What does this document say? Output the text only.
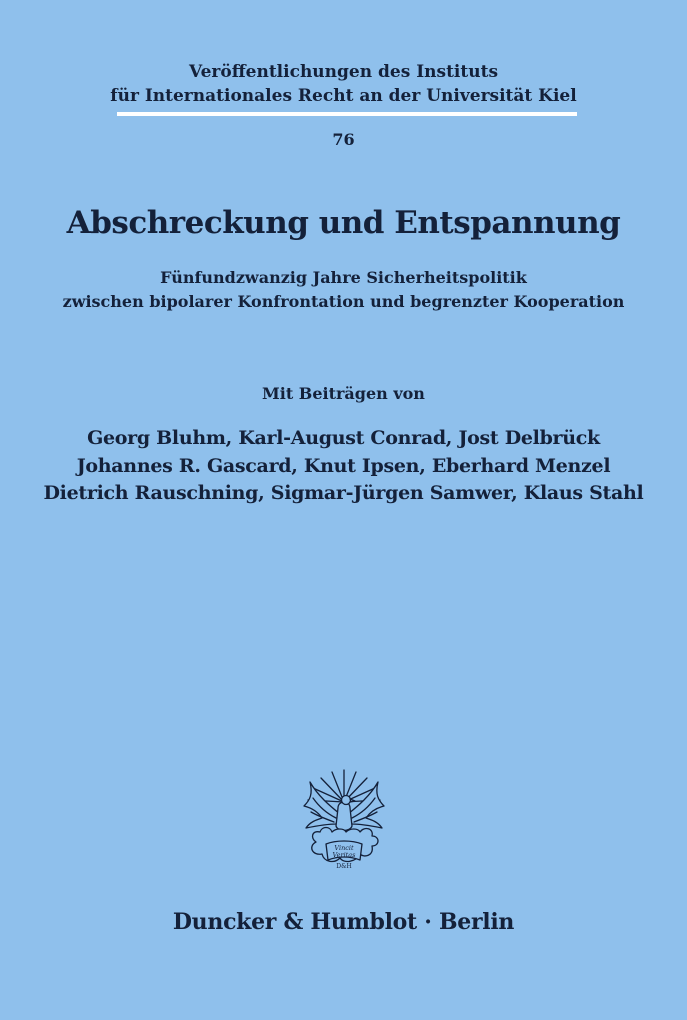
Veröffentlichungen des Instituts
für Internationales Recht an der Universität Kiel
76
Abschreckung und Entspannung
Fünfundzwanzig Jahre Sicherheitspolitik
zwischen bipolarer Konfrontation und begrenzter Kooperation
Mit Beiträgen von
Georg Bluhm, Karl-August Conrad, Jost Delbrück
Johannes R. Gascard, Knut Ipsen, Eberhard Menzel
Dietrich Rauschning, Sigmar-Jürgen Samwer, Klaus Stahl
Vincit
Veritas
D&H
Duncker & Humblot · Berlin
